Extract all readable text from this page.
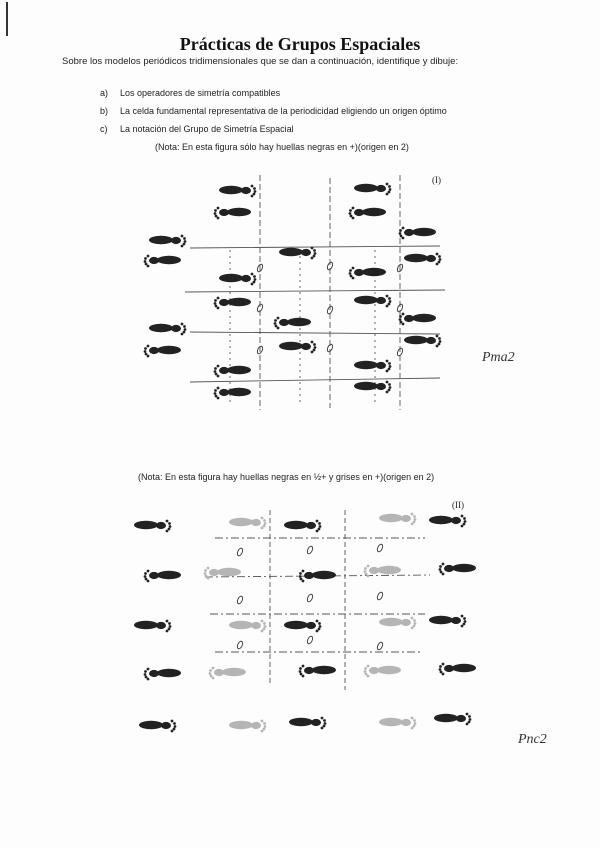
Prácticas de Grupos Espaciales
Sobre los modelos periódicos tridimensionales que se dan a continuación, identifique y dibuje:
a)	Los operadores de simetría compatibles
b)	La celda fundamental representativa de la periodicidad eligiendo un origen óptimo
c)	La notación del Grupo de Simetría Espacial
(Nota: En esta figura sólo hay huellas negras en +)(origen en 2)
(I)
Pma2
(Nota: En esta figura hay huellas negras en ½+ y grises en +)(origen en 2)
(II)
Pnc2
